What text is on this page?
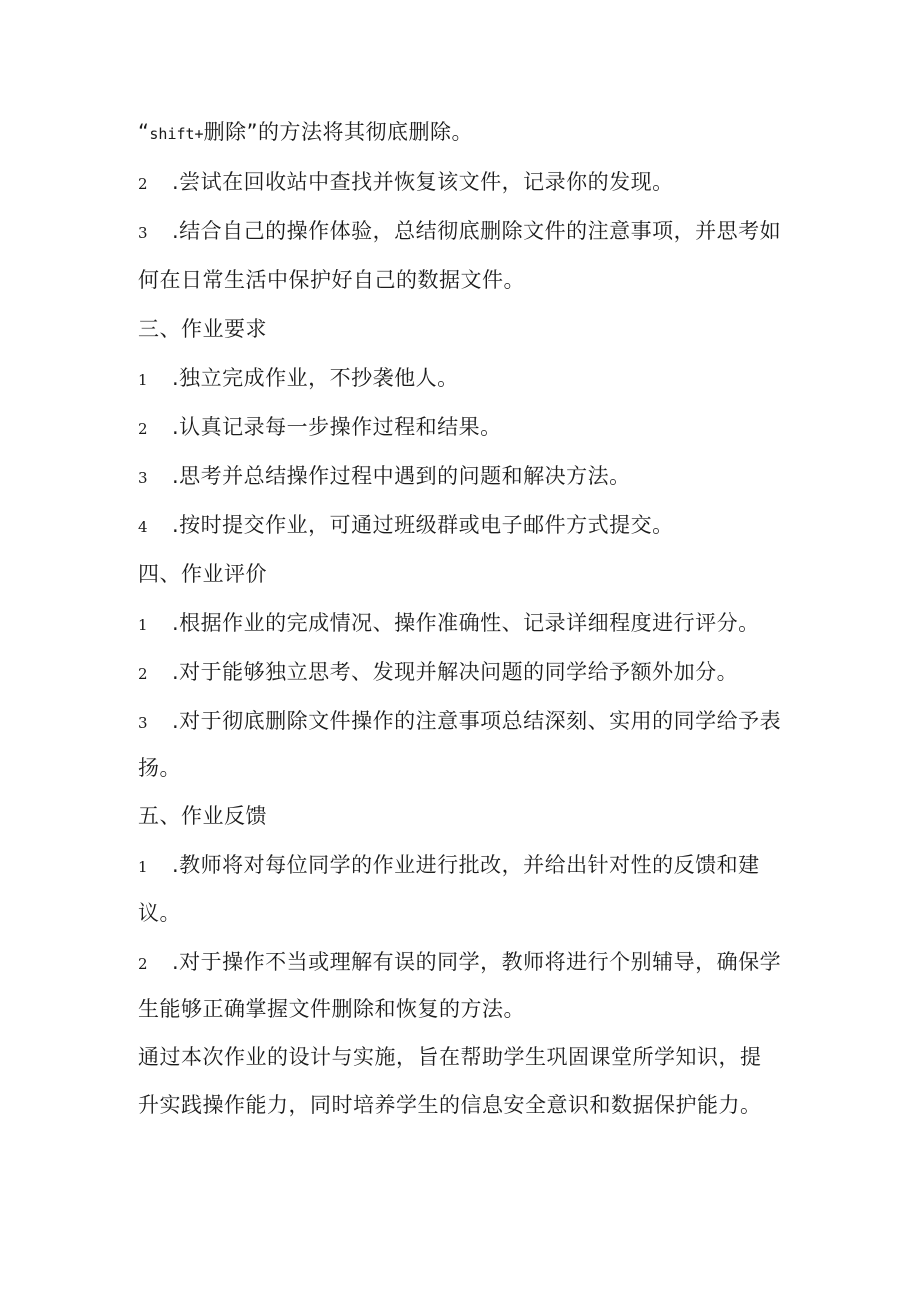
“shift+删除”的方法将其彻底删除。
2 .尝试在回收站中查找并恢复该文件，记录你的发现。
3 .结合自己的操作体验，总结彻底删除文件的注意事项，并思考如
何在日常生活中保护好自己的数据文件。
三、作业要求
1 .独立完成作业，不抄袭他人。
2 .认真记录每一步操作过程和结果。
3 .思考并总结操作过程中遇到的问题和解决方法。
4 .按时提交作业，可通过班级群或电子邮件方式提交。
四、作业评价
1 .根据作业的完成情况、操作准确性、记录详细程度进行评分。
2 .对于能够独立思考、发现并解决问题的同学给予额外加分。
3 .对于彻底删除文件操作的注意事项总结深刻、实用的同学给予表
扬。
五、作业反馈
1 .教师将对每位同学的作业进行批改，并给出针对性的反馈和建
议。
2 .对于操作不当或理解有误的同学，教师将进行个别辅导，确保学
生能够正确掌握文件删除和恢复的方法。
通过本次作业的设计与实施，旨在帮助学生巩固课堂所学知识，提
升实践操作能力，同时培养学生的信息安全意识和数据保护能力。
